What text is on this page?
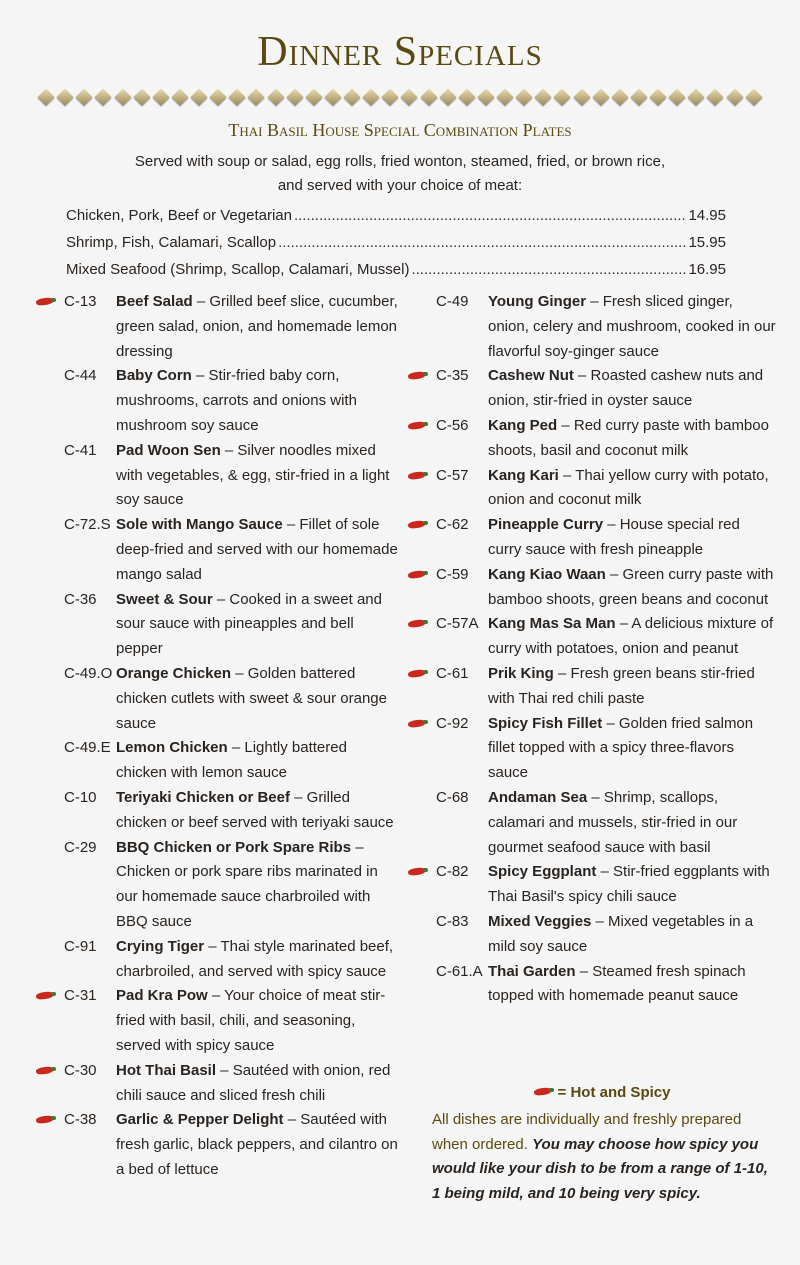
Dinner Specials
Thai Basil House Special Combination Plates
Served with soup or salad, egg rolls, fried wonton, steamed, fried, or brown rice,
and served with your choice of meat:
Chicken, Pork, Beef or Vegetarian .....	14.95
Shrimp, Fish, Calamari, Scallop .....	15.95
Mixed Seafood (Shrimp, Scallop, Calamari, Mussel) .....	16.95
C-13	Beef Salad – Grilled beef slice, cucumber, green salad, onion, and homemade lemon dressing
C-44	Baby Corn – Stir-fried baby corn, mushrooms, carrots and onions with mushroom soy sauce
C-41	Pad Woon Sen – Silver noodles mixed with vegetables, & egg, stir-fried in a light soy sauce
C-72.S Sole with Mango Sauce – Fillet of sole deep-fried and served with our homemade mango salad
C-36	Sweet & Sour – Cooked in a sweet and sour sauce with pineapples and bell pepper
C-49.O Orange Chicken – Golden battered chicken cutlets with sweet & sour orange sauce
C-49.E Lemon Chicken – Lightly battered chicken with lemon sauce
C-10	Teriyaki Chicken or Beef – Grilled chicken or beef served with teriyaki sauce
C-29	BBQ Chicken or Pork Spare Ribs – Chicken or pork spare ribs marinated in our homemade sauce charbroiled with BBQ sauce
C-91	Crying Tiger – Thai style marinated beef, charbroiled, and served with spicy sauce
C-31	Pad Kra Pow – Your choice of meat stir-fried with basil, chili, and seasoning, served with spicy sauce
C-30	Hot Thai Basil – Sautéed with onion, red chili sauce and sliced fresh chili
C-38	Garlic & Pepper Delight – Sautéed with fresh garlic, black peppers, and cilantro on a bed of lettuce
C-49	Young Ginger – Fresh sliced ginger, onion, celery and mushroom, cooked in our flavorful soy-ginger sauce
C-35	Cashew Nut – Roasted cashew nuts and onion, stir-fried in oyster sauce
C-56	Kang Ped – Red curry paste with bamboo shoots, basil and coconut milk
C-57	Kang Kari – Thai yellow curry with potato, onion and coconut milk
C-62	Pineapple Curry – House special red curry sauce with fresh pineapple
C-59	Kang Kiao Waan – Green curry paste with bamboo shoots, green beans and coconut
C-57A Kang Mas Sa Man – A delicious mixture of curry with potatoes, onion and peanut
C-61	Prik King – Fresh green beans stir-fried with Thai red chili paste
C-92	Spicy Fish Fillet – Golden fried salmon fillet topped with a spicy three-flavors sauce
C-68	Andaman Sea – Shrimp, scallops, calamari and mussels, stir-fried in our gourmet seafood sauce with basil
C-82	Spicy Eggplant – Stir-fried eggplants with Thai Basil's spicy chili sauce
C-83	Mixed Veggies – Mixed vegetables in a mild soy sauce
C-61.A Thai Garden – Steamed fresh spinach topped with homemade peanut sauce
= Hot and Spicy
All dishes are individually and freshly prepared when ordered. You may choose how spicy you would like your dish to be from a range of 1-10, 1 being mild, and 10 being very spicy.
